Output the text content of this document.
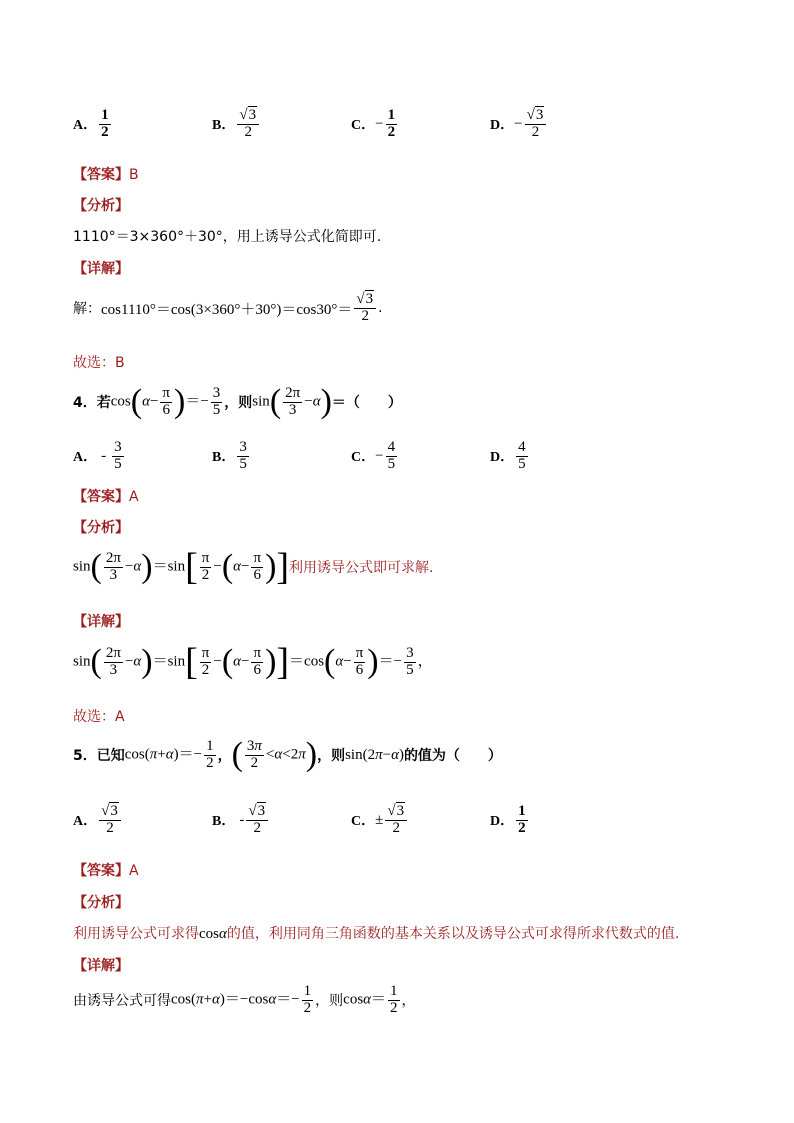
A． $\frac{1}{2}$	B． $\frac{√3}{2}$	C． − $\frac{1}{2}$	D． − $\frac{√3}{2}$
【答案】B
【分析】
1110°＝3×360°＋30°，用上诱导公式化简即可.
【详解】
解： $\cos 1110^\circ=\cos(3\times 360^\circ+30^\circ)=\cos 30^\circ= \frac{√3}{2}$ .
故选：B
4．若 $\cos(\alpha- \frac{\pi}{6}$ )＝− $\frac{3}{5}$ ，则 $\sin( \frac{2\pi}{3} -\alpha)$ ＝（　　）
A． - $\frac{3}{5}$	B． $\frac{3}{5}$	C． − $\frac{4}{5}$	D． $\frac{4}{5}$
【答案】A
【分析】
$\sin( \frac{2\pi}{3} -\alpha)=\sin[ \frac{\pi}{2} -(\alpha- \frac{\pi}{6}$ )] 利用诱导公式即可求解.
【详解】
$\sin( \frac{2\pi}{3} -\alpha)=\sin[ \frac{\pi}{2} -(\alpha- \frac{\pi}{6} )]=\cos(\alpha- \frac{\pi}{6}$ )＝− $\frac{3}{5}$ ，
故选：A
5．已知 $\cos(\pi+\alpha)=- \frac{1}{2}$ ， ( $\frac{3\pi}{2} <\alpha<2\pi$) ，则 sin(2π−α) 的值为（　　）
A． $\frac{√3}{2}$	B． - $\frac{√3}{2}$	C． ± $\frac{√3}{2}$	D． $\frac{1}{2}$
【答案】A
【分析】
利用诱导公式可求得cosα的值，利用同角三角函数的基本关系以及诱导公式可求得所求代数式的值.
【详解】
由诱导公式可得 $\cos(\pi+\alpha)=-\cos\alpha=- \frac{1}{2}$ ，则 $\cos\alpha= \frac{1}{2}$ ，
